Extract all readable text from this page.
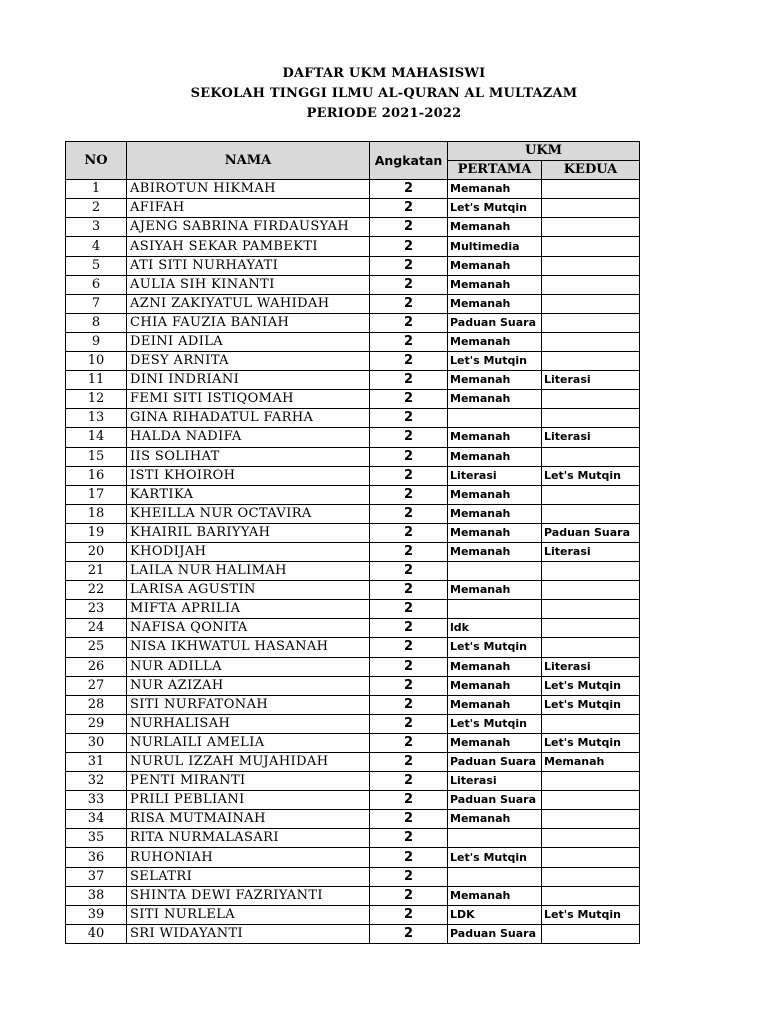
DAFTAR UKM MAHASISWI
SEKOLAH TINGGI ILMU AL-QURAN AL MULTAZAM
PERIODE 2021-2022
NO	NAMA	Angkatan	UKM	
			PERTAMA	KEDUA
1	ABIROTUN HIKMAH	2	Memanah	
2	AFIFAH	2	Let's Mutqin	
3	AJENG SABRINA FIRDAUSYAH	2	Memanah	
4	ASIYAH SEKAR PAMBEKTI	2	Multimedia	
5	ATI SITI NURHAYATI	2	Memanah	
6	AULIA SIH KINANTI	2	Memanah	
7	AZNI ZAKIYATUL WAHIDAH	2	Memanah	
8	CHIA FAUZIA BANIAH	2	Paduan Suara	
9	DEINI ADILA	2	Memanah	
10	DESY ARNITA	2	Let's Mutqin	
11	DINI INDRIANI	2	Memanah	Literasi
12	FEMI SITI ISTIQOMAH	2	Memanah	
13	GINA RIHADATUL FARHA	2		
14	HALDA NADIFA	2	Memanah	Literasi
15	IIS SOLIHAT	2	Memanah	
16	ISTI KHOIROH	2	Literasi	Let's Mutqin
17	KARTIKA	2	Memanah	
18	KHEILLA NUR OCTAVIRA	2	Memanah	
19	KHAIRIL BARIYYAH	2	Memanah	Paduan Suara
20	KHODIJAH	2	Memanah	Literasi
21	LAILA NUR HALIMAH	2		
22	LARISA AGUSTIN	2	Memanah	
23	MIFTA APRILIA	2		
24	NAFISA QONITA	2	ldk	
25	NISA IKHWATUL HASANAH	2	Let's Mutqin	
26	NUR ADILLA	2	Memanah	Literasi
27	NUR AZIZAH	2	Memanah	Let's Mutqin
28	SITI NURFATONAH	2	Memanah	Let's Mutqin
29	NURHALISAH	2	Let's Mutqin	
30	NURLAILI AMELIA	2	Memanah	Let's Mutqin
31	NURUL IZZAH MUJAHIDAH	2	Paduan Suara	Memanah
32	PENTI MIRANTI	2	Literasi	
33	PRILI PEBLIANI	2	Paduan Suara	
34	RISA MUTMAINAH	2	Memanah	
35	RITA NURMALASARI	2		
36	RUHONIAH	2	Let's Mutqin	
37	SELATRI	2		
38	SHINTA DEWI FAZRIYANTI	2	Memanah	
39	SITI NURLELA	2	LDK	Let's Mutqin
40	SRI WIDAYANTI	2	Paduan Suara	
